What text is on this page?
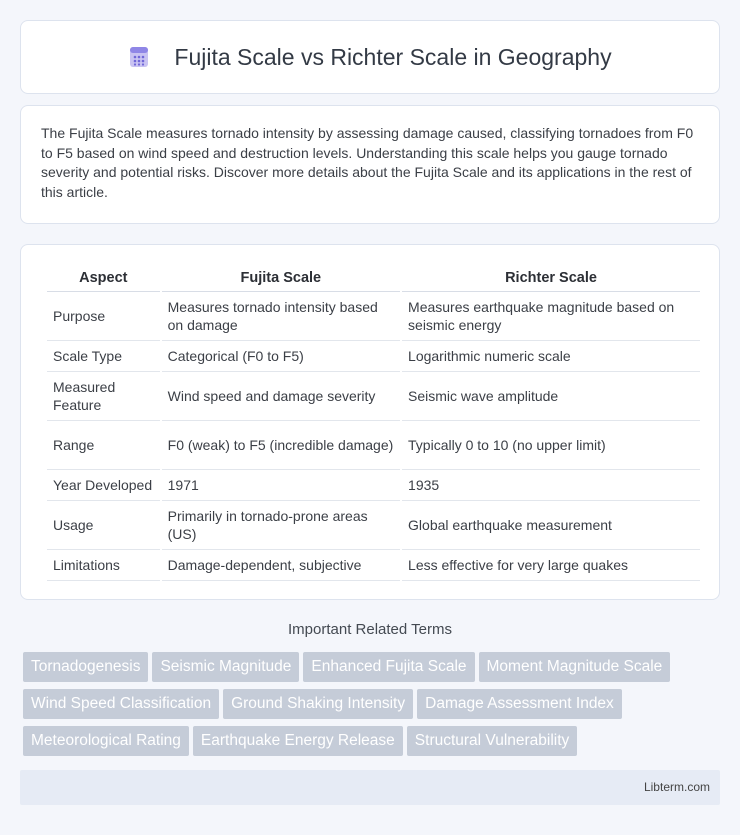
Fujita Scale vs Richter Scale in Geography

The Fujita Scale measures tornado intensity by assessing damage caused, classifying tornadoes from F0 to F5 based on wind speed and destruction levels. Understanding this scale helps you gauge tornado severity and potential risks. Discover more details about the Fujita Scale and its applications in the rest of this article.

Aspect	Fujita Scale	Richter Scale
Purpose	Measures tornado intensity based on damage	Measures earthquake magnitude based on seismic energy
Scale Type	Categorical (F0 to F5)	Logarithmic numeric scale
Measured Feature	Wind speed and damage severity	Seismic wave amplitude
Range	F0 (weak) to F5 (incredible damage)	Typically 0 to 10 (no upper limit)
Year Developed	1971	1935
Usage	Primarily in tornado-prone areas (US)	Global earthquake measurement
Limitations	Damage-dependent, subjective	Less effective for very large quakes
Important Related Terms
Tornadogenesis Seismic Magnitude Enhanced Fujita Scale Moment Magnitude Scale
Wind Speed Classification Ground Shaking Intensity Damage Assessment Index
Meteorological Rating Earthquake Energy Release Structural Vulnerability
Libterm.com
